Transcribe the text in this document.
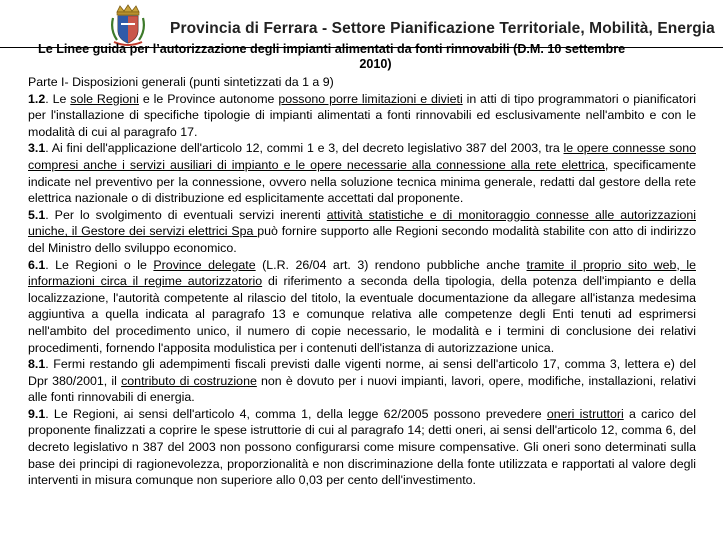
Provincia di Ferrara - Settore Pianificazione Territoriale, Mobilità, Energia
Le Linee guida per l’autorizzazione degli impianti alimentati da fonti rinnovabili (D.M. 10 settembre
2010)

Parte I- Disposizioni generali (punti sintetizzati da 1 a 9)

1.2. Le sole Regioni e le Province autonome possono porre limitazioni e divieti in atti di tipo programmatori o pianificatori per l'installazione di specifiche tipologie di impianti alimentati a fonti rinnovabili ed esclusivamente nell'ambito e con le modalità di cui al paragrafo 17.

3.1. Ai fini dell'applicazione dell'articolo 12, commi 1 e 3, del decreto legislativo 387 del 2003, tra le opere connesse sono compresi anche i servizi ausiliari di impianto e le opere necessarie alla connessione alla rete elettrica, specificamente indicate nel preventivo per la connessione, ovvero nella soluzione tecnica minima generale, redatti dal gestore della rete elettrica nazionale o di distribuzione ed esplicitamente accettati dal proponente.

5.1. Per lo svolgimento di eventuali servizi inerenti attività statistiche e di monitoraggio connesse alle autorizzazioni uniche, il Gestore dei servizi elettrici Spa può fornire supporto alle Regioni secondo modalità stabilite con atto di indirizzo del Ministro dello sviluppo economico.

6.1. Le Regioni o le Province delegate (L.R. 26/04 art. 3) rendono pubbliche anche tramite il proprio sito web, le informazioni circa il regime autorizzatorio di riferimento a seconda della tipologia, della potenza dell'impianto e della localizzazione, l'autorità competente al rilascio del titolo, la eventuale documentazione da allegare all'istanza medesima aggiuntiva a quella indicata al paragrafo 13 e comunque relativa alle competenze degli Enti tenuti ad esprimersi nell'ambito del procedimento unico, il numero di copie necessario, le modalità e i termini di conclusione dei relativi procedimenti, fornendo l'apposita modulistica per i contenuti dell'istanza di autorizzazione unica.

8.1. Fermi restando gli adempimenti fiscali previsti dalle vigenti norme, ai sensi dell'articolo 17, comma 3, lettera e) del Dpr 380/2001, il contributo di costruzione non è dovuto per i nuovi impianti, lavori, opere, modifiche, installazioni, relativi alle fonti rinnovabili di energia.

9.1. Le Regioni, ai sensi dell'articolo 4, comma 1, della legge 62/2005 possono prevedere oneri istruttori a carico del proponente finalizzati a coprire le spese istruttorie di cui al paragrafo 14; detti oneri, ai sensi dell'articolo 12, comma 6, del decreto legislativo n 387 del 2003 non possono configurarsi come misure compensative. Gli oneri sono determinati sulla base dei principi di ragionevolezza, proporzionalità e non discriminazione della fonte utilizzata e rapportati al valore degli interventi in misura comunque non superiore allo 0,03 per cento dell'investimento.
